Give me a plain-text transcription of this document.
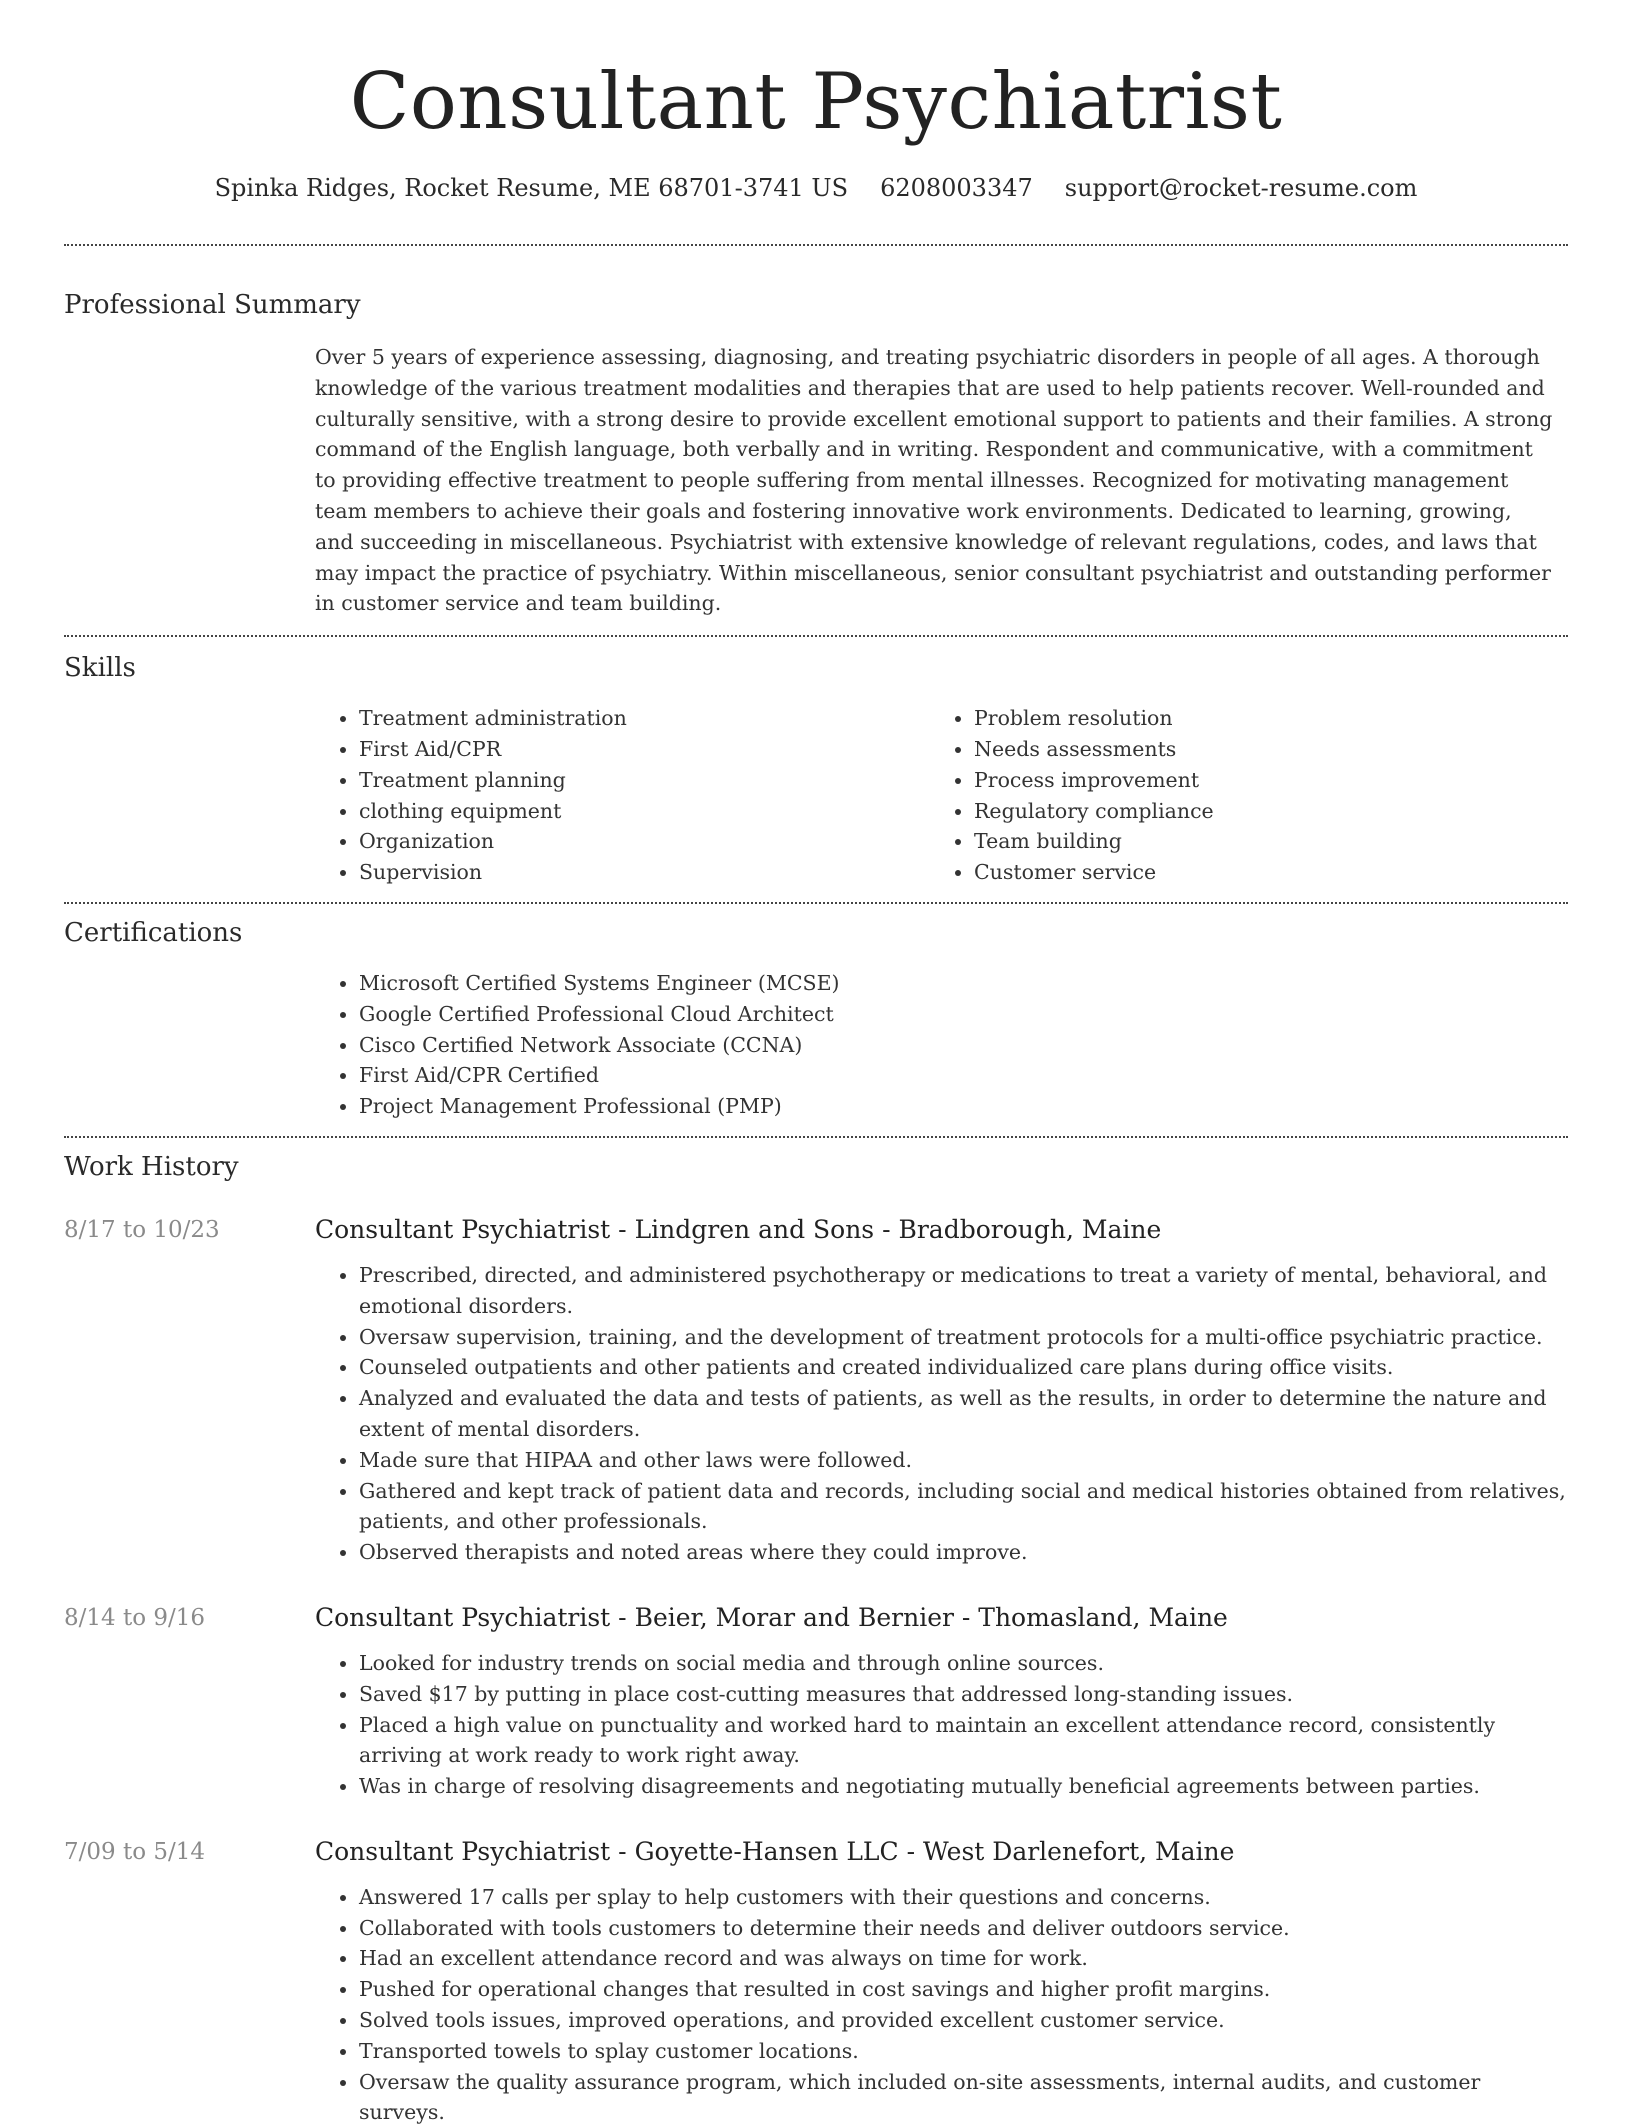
Consultant Psychiatrist
Spinka Ridges, Rocket Resume, ME 68701-3741 US 6208003347 support@rocket-resume.com
Professional Summary

Over 5 years of experience assessing, diagnosing, and treating psychiatric disorders in people of all ages. A thorough knowledge of the various treatment modalities and therapies that are used to help patients recover. Well-rounded and culturally sensitive, with a strong desire to provide excellent emotional support to patients and their families. A strong command of the English language, both verbally and in writing. Respondent and communicative, with a commitment to providing effective treatment to people suffering from mental illnesses. Recognized for motivating management team members to achieve their goals and fostering innovative work environments. Dedicated to learning, growing, and succeeding in miscellaneous. Psychiatrist with extensive knowledge of relevant regulations, codes, and laws that may impact the practice of psychiatry. Within miscellaneous, senior consultant psychiatrist and outstanding performer in customer service and team building.

Skills
• Treatment administration
• First Aid/CPR
• Treatment planning
• clothing equipment
• Organization
• Supervision
• Problem resolution
• Needs assessments
• Process improvement
• Regulatory compliance
• Team building
• Customer service
Certifications
• Microsoft Certified Systems Engineer (MCSE)
• Google Certified Professional Cloud Architect
• Cisco Certified Network Associate (CCNA)
• First Aid/CPR Certified
• Project Management Professional (PMP)
Work History
8/17 to 10/23	Consultant Psychiatrist - Lindgren and Sons - Bradborough, Maine
• Prescribed, directed, and administered psychotherapy or medications to treat a variety of mental, behavioral, and emotional disorders.
• Oversaw supervision, training, and the development of treatment protocols for a multi-office psychiatric practice.
• Counseled outpatients and other patients and created individualized care plans during office visits.
• Analyzed and evaluated the data and tests of patients, as well as the results, in order to determine the nature and extent of mental disorders.
• Made sure that HIPAA and other laws were followed.
• Gathered and kept track of patient data and records, including social and medical histories obtained from relatives, patients, and other professionals.
• Observed therapists and noted areas where they could improve.
8/14 to 9/16	Consultant Psychiatrist - Beier, Morar and Bernier - Thomasland, Maine
• Looked for industry trends on social media and through online sources.
• Saved $17 by putting in place cost-cutting measures that addressed long-standing issues.
• Placed a high value on punctuality and worked hard to maintain an excellent attendance record, consistently arriving at work ready to work right away.
• Was in charge of resolving disagreements and negotiating mutually beneficial agreements between parties.
7/09 to 5/14	Consultant Psychiatrist - Goyette-Hansen LLC - West Darlenefort, Maine
• Answered 17 calls per splay to help customers with their questions and concerns.
• Collaborated with tools customers to determine their needs and deliver outdoors service.
• Had an excellent attendance record and was always on time for work.
• Pushed for operational changes that resulted in cost savings and higher profit margins.
• Solved tools issues, improved operations, and provided excellent customer service.
• Transported towels to splay customer locations.
• Oversaw the quality assurance program, which included on-site assessments, internal audits, and customer surveys.
